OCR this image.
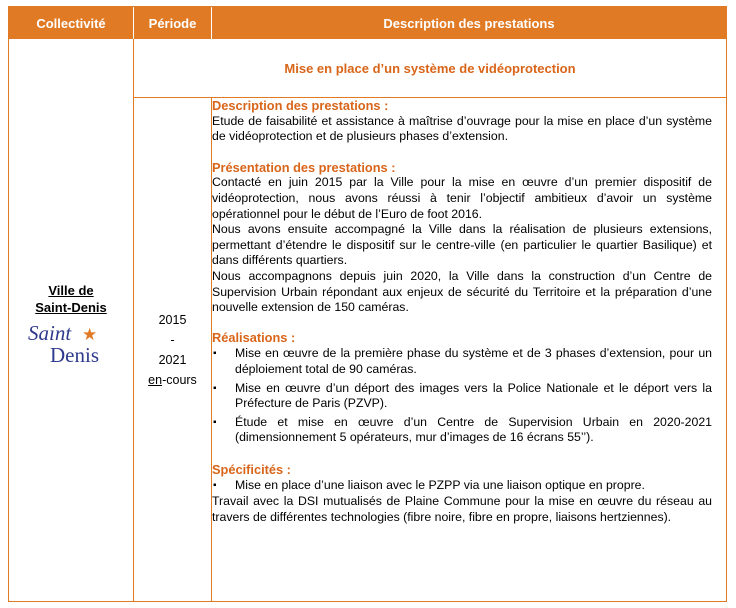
Collectivité	Période	Description des prestations
Mise en place d’un système de vidéoprotection
Ville de
Saint-Denis
Saint ★
Denis
2015
-
2021
en-cours
Description des prestations :

Etude de faisabilité et assistance à maîtrise d’ouvrage pour la mise en place d’un système de vidéoprotection et de plusieurs phases d’extension.

Présentation des prestations :

Contacté en juin 2015 par la Ville pour la mise en œuvre d’un premier dispositif de vidéoprotection, nous avons réussi à tenir l’objectif ambitieux d’avoir un système opérationnel pour le début de l’Euro de foot 2016.

Nous avons ensuite accompagné la Ville dans la réalisation de plusieurs extensions, permettant d’étendre le dispositif sur le centre-ville (en particulier le quartier Basilique) et dans différents quartiers.

Nous accompagnons depuis juin 2020, la Ville dans la construction d’un Centre de Supervision Urbain répondant aux enjeux de sécurité du Territoire et la préparation d’une nouvelle extension de 150 caméras.

Réalisations :
▪ Mise en œuvre de la première phase du système et de 3 phases d’extension, pour un déploiement total de 90 caméras.
▪ Mise en œuvre d’un déport des images vers la Police Nationale et le déport vers la Préfecture de Paris (PZVP).
▪ Étude et mise en œuvre d’un Centre de Supervision Urbain en 2020-2021 (dimensionnement 5 opérateurs, mur d’images de 16 écrans 55’’).
Spécificités :
▪ Mise en place d’une liaison avec le PZPP via une liaison optique en propre.

Travail avec la DSI mutualisés de Plaine Commune pour la mise en œuvre du réseau au travers de différentes technologies (fibre noire, fibre en propre, liaisons hertziennes).
